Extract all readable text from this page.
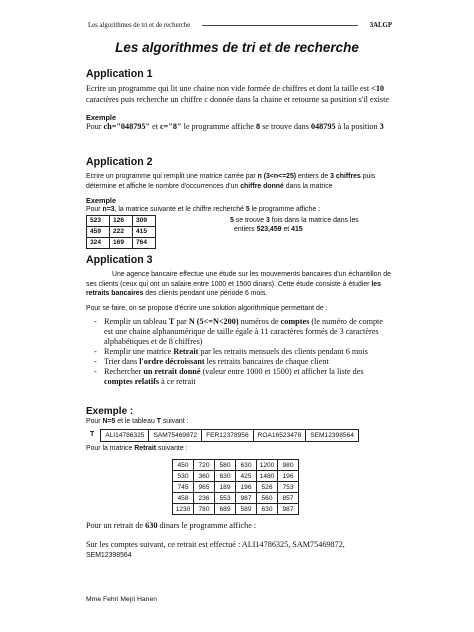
Les algorithmes de tri et de recherche	3ALGP
Les algorithmes de tri et de recherche
Application 1

Ecrire un programme qui lit une chaine non vide formée de chiffres et dont la taille est <10 caractères puis recherche un chiffre c donnée dans la chaine et retourne sa position s'il existe

Exemple

Pour ch="048795" et c="8" le programme affiche 8 se trouve dans 048795 à la position 3

Application 2

Ecrire un programme qui remplit une matrice carrée par n (3<n<=25) entiers de 3 chiffres puis détermine et affiche le nombre d'occurrences d'un chiffre donné dans la matrice

Exemple
Pour n=3, la matrice suivante et le chiffre recherché 5 le programme affiche :
523	126	309
459	222	415
324	169	764
5 se trouve 3 fois dans la matrice dans les
entiers 523,459 et 415
Application 3

Une agence bancaire effectue une étude sur les mouvements bancaires d'un échantillon de ses clients (ceux qui ont un salaire entre 1000 et 1500 dinars). Cette étude consiste à étudier les retraits bancaires des clients pendant une période 6 mois.

Pour se faire, on se propose d'écrire une solution algorithmique permettant de :

- Remplir un tableau T par N (5<=N<200) numéros de comptes (le numéro de compte est une chaine alphanumérique de taille égale à 11 caractères formés de 3 caractères alphabétiques et de 8 chiffres)
- Remplir une matrice Retrait par les retraits mensuels des clients pendant 6 mois
- Trier dans l'ordre décroissant les retraits bancaires de chaque client
- Rechercher un retrait donné (valeur entre 1000 et 1500) et afficher la liste des comptes relatifs à ce retrait
Exemple :
Pour N=5 et le tableau T suivant :
T ALI14786325	SAM75469872	FER12378956	ROA16523478	SEM12398564
Pour la matrice Retrait suivante :
450	720	580	630	1200	980
530	360	630	425	1480	196
745	965	189	196	526	753
458	236	553	987	560	857
1230	780	689	589	630	987

Pour un retrait de 630 dinars le programme affiche :

Sur les comptes suivant, ce retrait est effectué : ALI14786325, SAM75469872,
SEM12398564

Mme Fehri Mejri Hanen
